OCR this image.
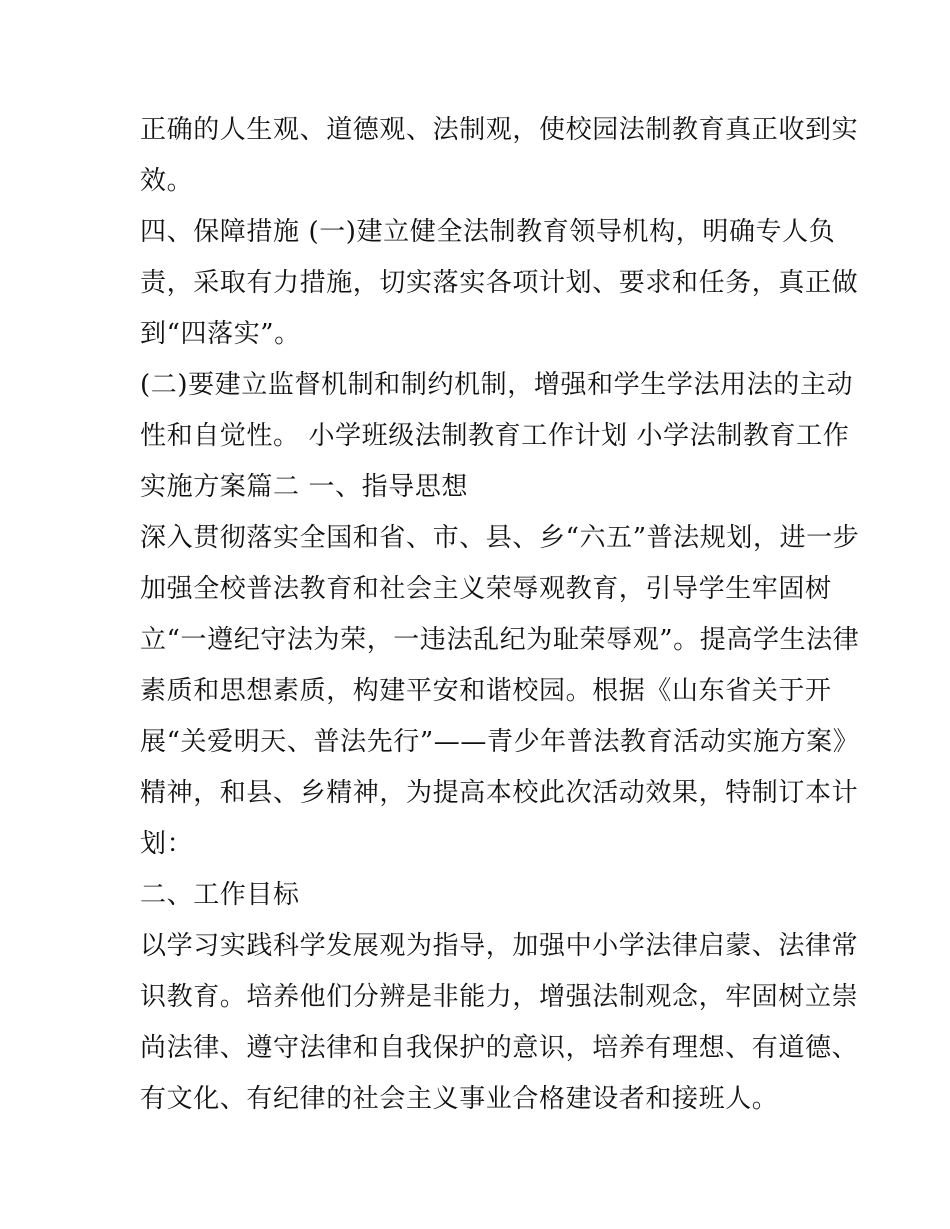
正确的人生观、道德观、法制观，使校园法制教育真正收到实
效。
四、保障措施 (一)建立健全法制教育领导机构，明确专人负
责，采取有力措施，切实落实各项计划、要求和任务，真正做
到“四落实”。
(二)要建立监督机制和制约机制，增强和学生学法用法的主动
性和自觉性。 小学班级法制教育工作计划 小学法制教育工作
实施方案篇二 一、指导思想
深入贯彻落实全国和省、市、县、乡“六五”普法规划，进一步
加强全校普法教育和社会主义荣辱观教育，引导学生牢固树
立“一遵纪守法为荣，一违法乱纪为耻荣辱观”。提高学生法律
素质和思想素质，构建平安和谐校园。根据《山东省关于开
展“关爱明天、普法先行”——青少年普法教育活动实施方案》
精神，和县、乡精神，为提高本校此次活动效果，特制订本计
划：
二、工作目标
以学习实践科学发展观为指导，加强中小学法律启蒙、法律常
识教育。培养他们分辨是非能力，增强法制观念，牢固树立崇
尚法律、遵守法律和自我保护的意识，培养有理想、有道德、
有文化、有纪律的社会主义事业合格建设者和接班人。
